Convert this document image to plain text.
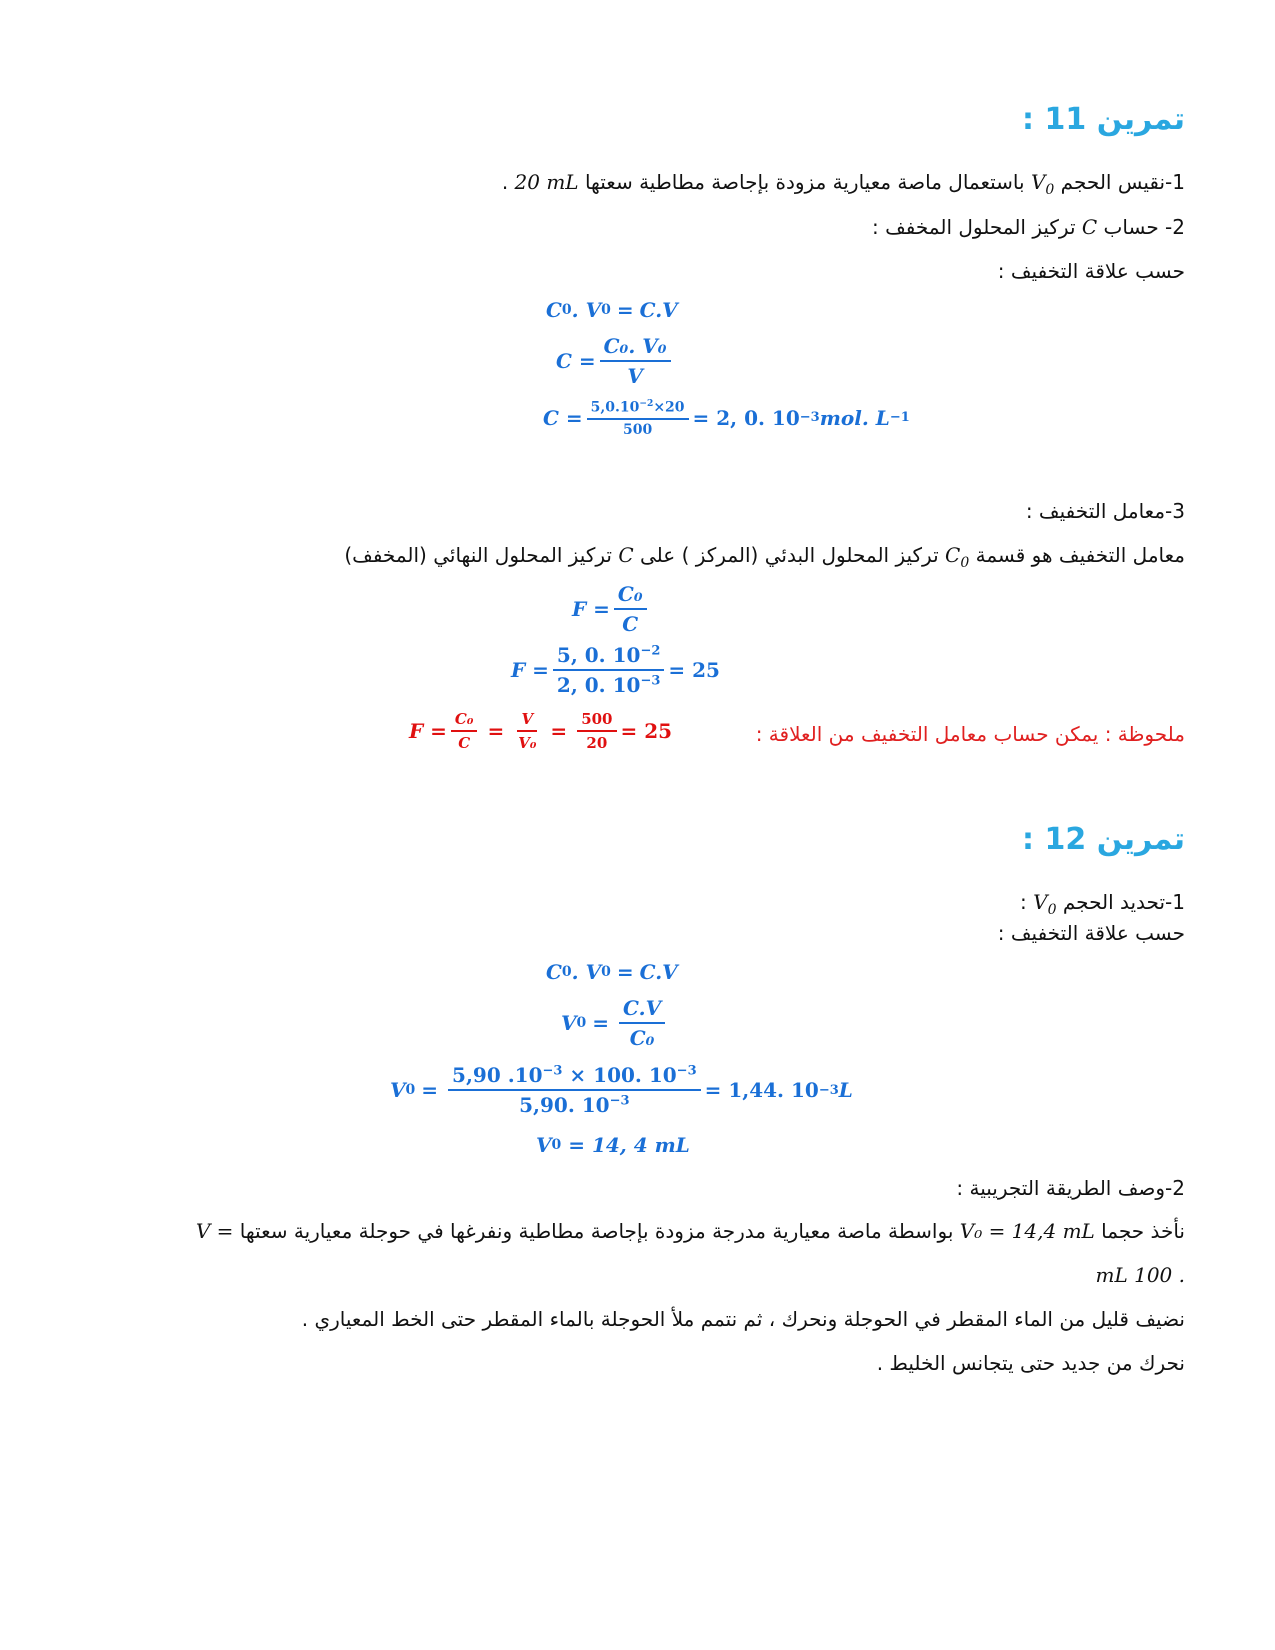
تمرين 11 :
1-نقيس الحجم $V_0$ باستعمال ماصة معيارية مزودة بإجاصة مطاطية سعتها 20 mL .
2- حساب C تركيز المحلول المخفف :
حسب علاقة التخفيف :
C 0 . V 0 = C.V
$C = \frac{\text{C₀. V₀}}{V}$
$C = \frac{5,0.10^{-2}\times 20}{500} = 2$, 0. 10 −3 mol. L −1
3-معامل التخفيف :
معامل التخفيف هو قسمة $C_0$ تركيز المحلول البدئي (المركز ) على C تركيز المحلول النهائي (المخفف)
$F = \frac{\text{C₀}}{C}$
$F = \frac{5, 0. 10^{-2}}{2, 0. 10^{-3}} = 25$
ملحوظة : يمكن حساب معامل التخفيف من العلاقة :
$F = \frac{\text{C₀}}{C} = \frac{V}{\text{V₀}} = \frac{500}{20} = 25$
تمرين 12 :
1-تحديد الحجم $V_0$ :
حسب علاقة التخفيف :
C 0 . V 0 = C.V
V $0 = \frac{C.V}{\text{C₀}}$
V $0 = \frac{5,90 .10^{-3} \times 100. 10^{-3}}{5,90. 10^{-3}} = 1,44$. 10 −3 L
V 0
= 14, 4 mL
2-وصف الطريقة التجريبية :
نأخذ حجما V₀ = 14,4 mL بواسطة ماصة معيارية مدرجة مزودة بإجاصة مطاطية ونفرغها في حوجلة معيارية سعتها V =
. 100 mL
نضيف قليل من الماء المقطر في الحوجلة ونحرك ، ثم نتمم ملأ الحوجلة بالماء المقطر حتى الخط المعياري .
نحرك من جديد حتى يتجانس الخليط .
